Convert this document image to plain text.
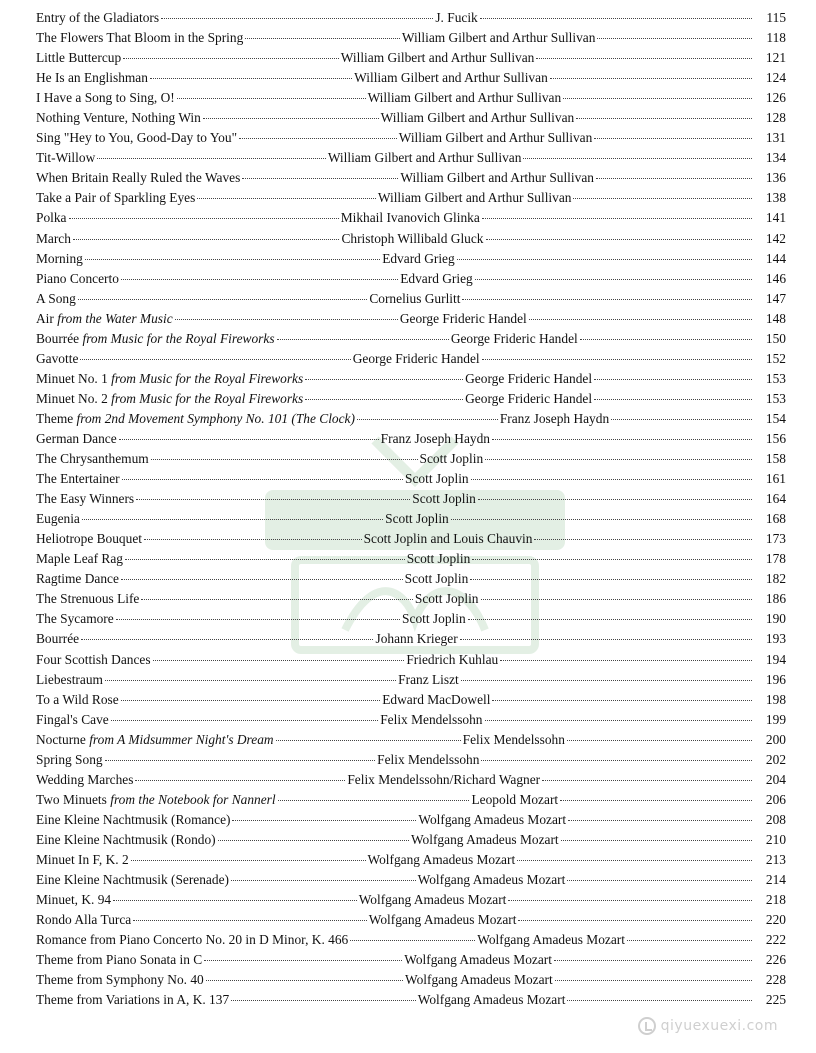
Entry of the Gladiators	J. Fucik	115
The Flowers That Bloom in the Spring	William Gilbert and Arthur Sullivan	118
Little Buttercup	William Gilbert and Arthur Sullivan	121
He Is an Englishman	William Gilbert and Arthur Sullivan	124
I Have a Song to Sing, O!	William Gilbert and Arthur Sullivan	126
Nothing Venture, Nothing Win	William Gilbert and Arthur Sullivan	128
Sing "Hey to You, Good-Day to You"	William Gilbert and Arthur Sullivan	131
Tit-Willow	William Gilbert and Arthur Sullivan	134
When Britain Really Ruled the Waves	William Gilbert and Arthur Sullivan	136
Take a Pair of Sparkling Eyes	William Gilbert and Arthur Sullivan	138
Polka	Mikhail Ivanovich Glinka	141
March	Christoph Willibald Gluck	142
Morning	Edvard Grieg	144
Piano Concerto	Edvard Grieg	146
A Song	Cornelius Gurlitt	147
Air from the Water Music	George Frideric Handel	148
Bourrée from Music for the Royal Fireworks	George Frideric Handel	150
Gavotte	George Frideric Handel	152
Minuet No. 1 from Music for the Royal Fireworks	George Frideric Handel	153
Minuet No. 2 from Music for the Royal Fireworks	George Frideric Handel	153
Theme from 2nd Movement Symphony No. 101 (The Clock)	Franz Joseph Haydn	154
German Dance	Franz Joseph Haydn	156
The Chrysanthemum	Scott Joplin	158
The Entertainer	Scott Joplin	161
The Easy Winners	Scott Joplin	164
Eugenia	Scott Joplin	168
Heliotrope Bouquet	Scott Joplin and Louis Chauvin	173
Maple Leaf Rag	Scott Joplin	178
Ragtime Dance	Scott Joplin	182
The Strenuous Life	Scott Joplin	186
The Sycamore	Scott Joplin	190
Bourrée	Johann Krieger	193
Four Scottish Dances	Friedrich Kuhlau	194
Liebestraum	Franz Liszt	196
To a Wild Rose	Edward MacDowell	198
Fingal's Cave	Felix Mendelssohn	199
Nocturne from A Midsummer Night's Dream	Felix Mendelssohn	200
Spring Song	Felix Mendelssohn	202
Wedding Marches	Felix Mendelssohn/Richard Wagner	204
Two Minuets from the Notebook for Nannerl	Leopold Mozart	206
Eine Kleine Nachtmusik (Romance)	Wolfgang Amadeus Mozart	208
Eine Kleine Nachtmusik (Rondo)	Wolfgang Amadeus Mozart	210
Minuet In F, K. 2	Wolfgang Amadeus Mozart	213
Eine Kleine Nachtmusik (Serenade)	Wolfgang Amadeus Mozart	214
Minuet, K. 94	Wolfgang Amadeus Mozart	218
Rondo Alla Turca	Wolfgang Amadeus Mozart	220
Romance from Piano Concerto No. 20 in D Minor, K. 466	Wolfgang Amadeus Mozart	222
Theme from Piano Sonata in C	Wolfgang Amadeus Mozart	226
Theme from Symphony No. 40	Wolfgang Amadeus Mozart	228
Theme from Variations in A, K. 137	Wolfgang Amadeus Mozart	225
qiyuexuexi.com
